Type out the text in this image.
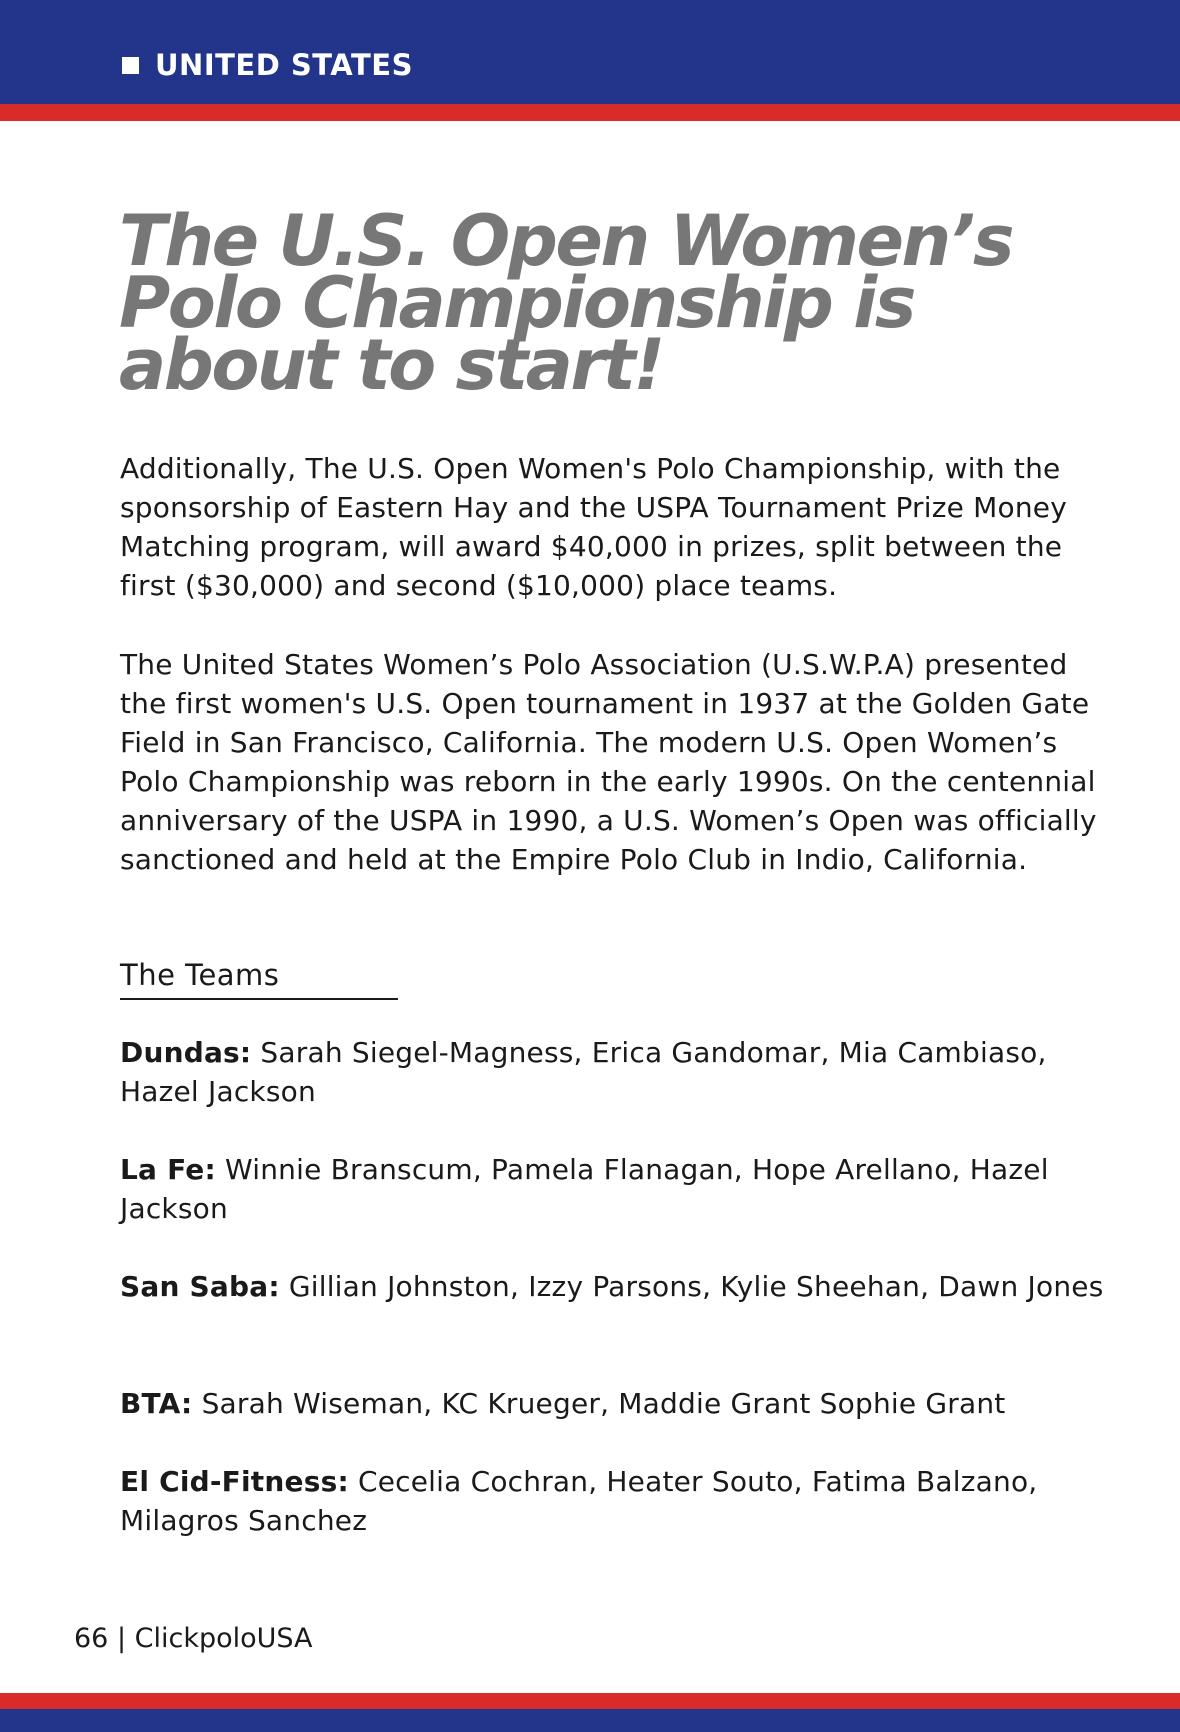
UNITED STATES
The U.S. Open Women’s Polo Championship is about to start!

Additionally, The U.S. Open Women's Polo Championship, with the sponsorship of Eastern Hay and the USPA Tournament Prize Money Matching program, will award $40,000 in prizes, split between the first ($30,000) and second ($10,000) place teams.

The United States Women’s Polo Association (U.S.W.P.A) presented the first women's U.S. Open tournament in 1937 at the Golden Gate Field in San Francisco, California. The modern U.S. Open Women’s Polo Championship was reborn in the early 1990s. On the centennial anniversary of the USPA in 1990, a U.S. Women’s Open was officially sanctioned and held at the Empire Polo Club in Indio, California.

The Teams

Dundas: Sarah Siegel-Magness, Erica Gandomar, Mia Cambiaso, Hazel Jackson

La Fe: Winnie Branscum, Pamela Flanagan, Hope Arellano, Hazel Jackson

San Saba: Gillian Johnston, Izzy Parsons, Kylie Sheehan, Dawn Jones

BTA: Sarah Wiseman, KC Krueger, Maddie Grant Sophie Grant

El Cid-Fitness: Cecelia Cochran, Heater Souto, Fatima Balzano, Milagros Sanchez

66 | ClickpoloUSA
